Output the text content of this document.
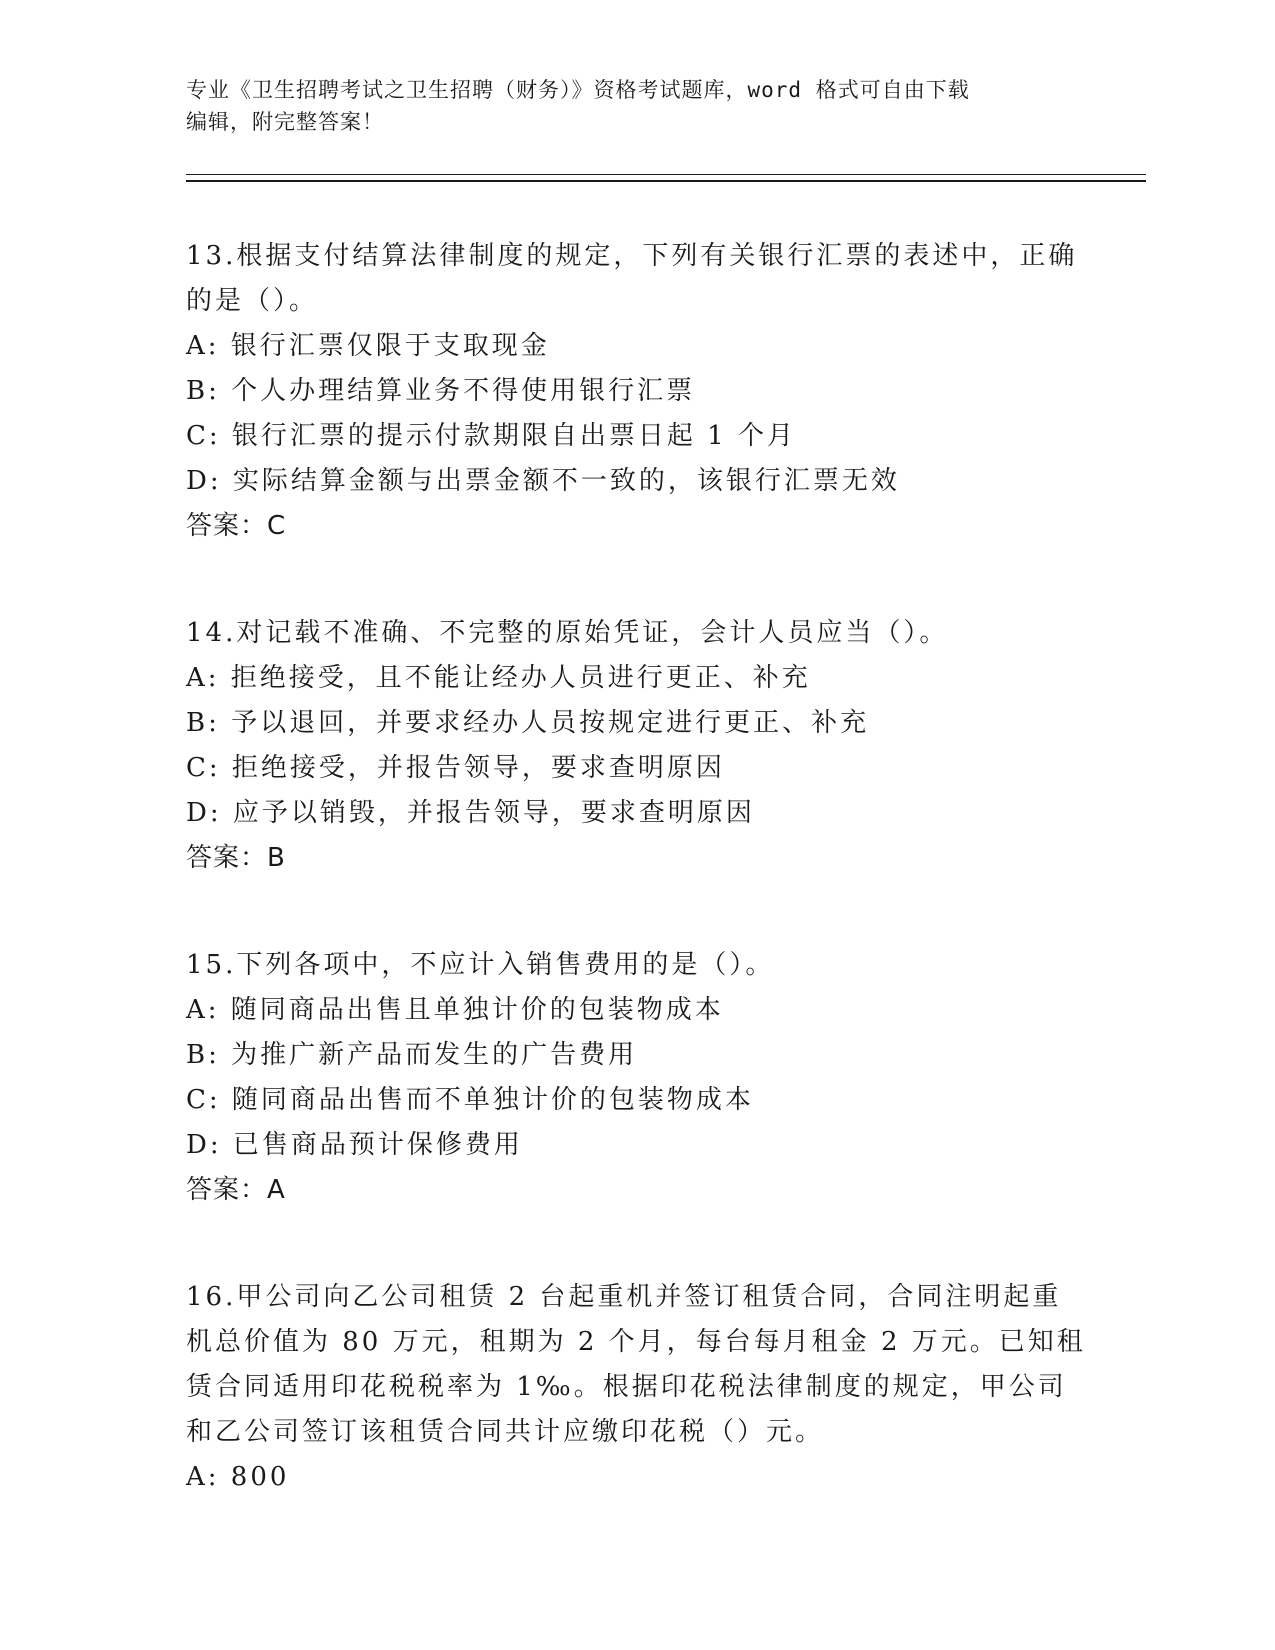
专业《卫生招聘考试之卫生招聘（财务）》资格考试题库，word 格式可自由下载

编辑，附完整答案！

13.根据支付结算法律制度的规定，下列有关银行汇票的表述中，正确的是（）。

A: 银行汇票仅限于支取现金

B: 个人办理结算业务不得使用银行汇票

C: 银行汇票的提示付款期限自出票日起 1 个月

D: 实际结算金额与出票金额不一致的，该银行汇票无效

答案：C

14.对记载不准确、不完整的原始凭证，会计人员应当（）。

A: 拒绝接受，且不能让经办人员进行更正、补充

B: 予以退回，并要求经办人员按规定进行更正、补充

C: 拒绝接受，并报告领导，要求查明原因

D: 应予以销毁，并报告领导，要求查明原因

答案：B

15.下列各项中，不应计入销售费用的是（）。

A: 随同商品出售且单独计价的包装物成本

B: 为推广新产品而发生的广告费用

C: 随同商品出售而不单独计价的包装物成本

D: 已售商品预计保修费用

答案：A

16.甲公司向乙公司租赁 2 台起重机并签订租赁合同，合同注明起重机总价值为 80 万元，租期为 2 个月，每台每月租金 2 万元。已知租赁合同适用印花税税率为 1‰。根据印花税法律制度的规定，甲公司和乙公司签订该租赁合同共计应缴印花税（）元。

A: 800
